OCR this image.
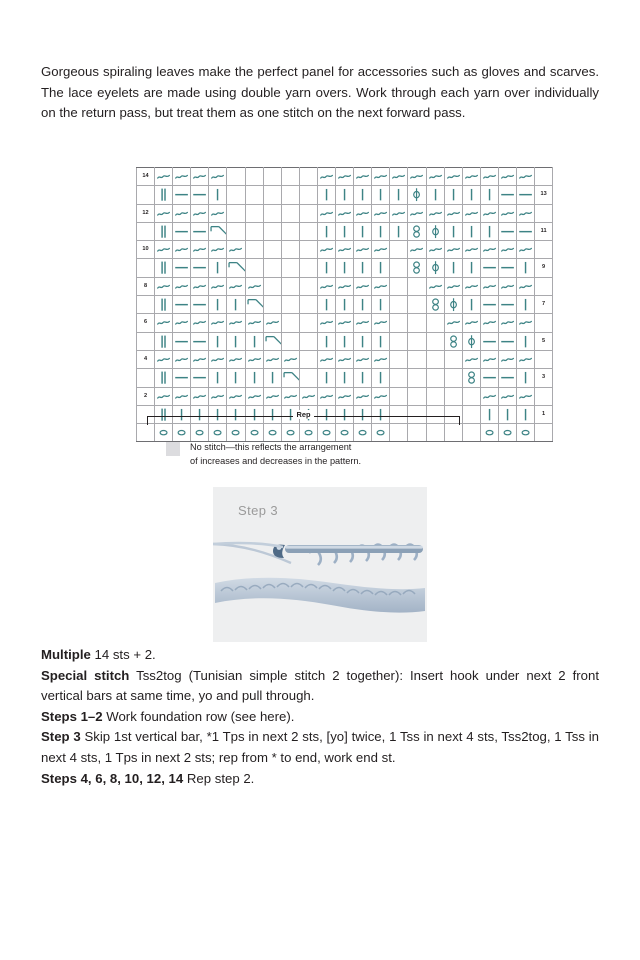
Gorgeous spiraling leaves make the perfect panel for accessories such as gloves and scarves. The lace eyelets are made using double yarn overs. Work through each yarn over individually on the return pass, but treat them as one stitch on the next forward pass.
14	

	13
12	

	11
10	

	9
8	

	7
6	

	5
4	

	3
2	

	1

Rep
No stitch—this reflects the arrangement
of increases and decreases in the pattern.
Step 3

Multiple 14 sts + 2.

Special stitch Tss2tog (Tunisian simple stitch 2 together): Insert hook under next 2 front vertical bars at same time, yo and pull through.

Steps 1–2 Work foundation row (see here).

Step 3 Skip 1st vertical bar, *1 Tps in next 2 sts, [yo] twice, 1 Tss in next 4 sts, Tss2tog, 1 Tss in next 4 sts, 1 Tps in next 2 sts; rep from * to end, work end st.

Steps 4, 6, 8, 10, 12, 14 Rep step 2.
